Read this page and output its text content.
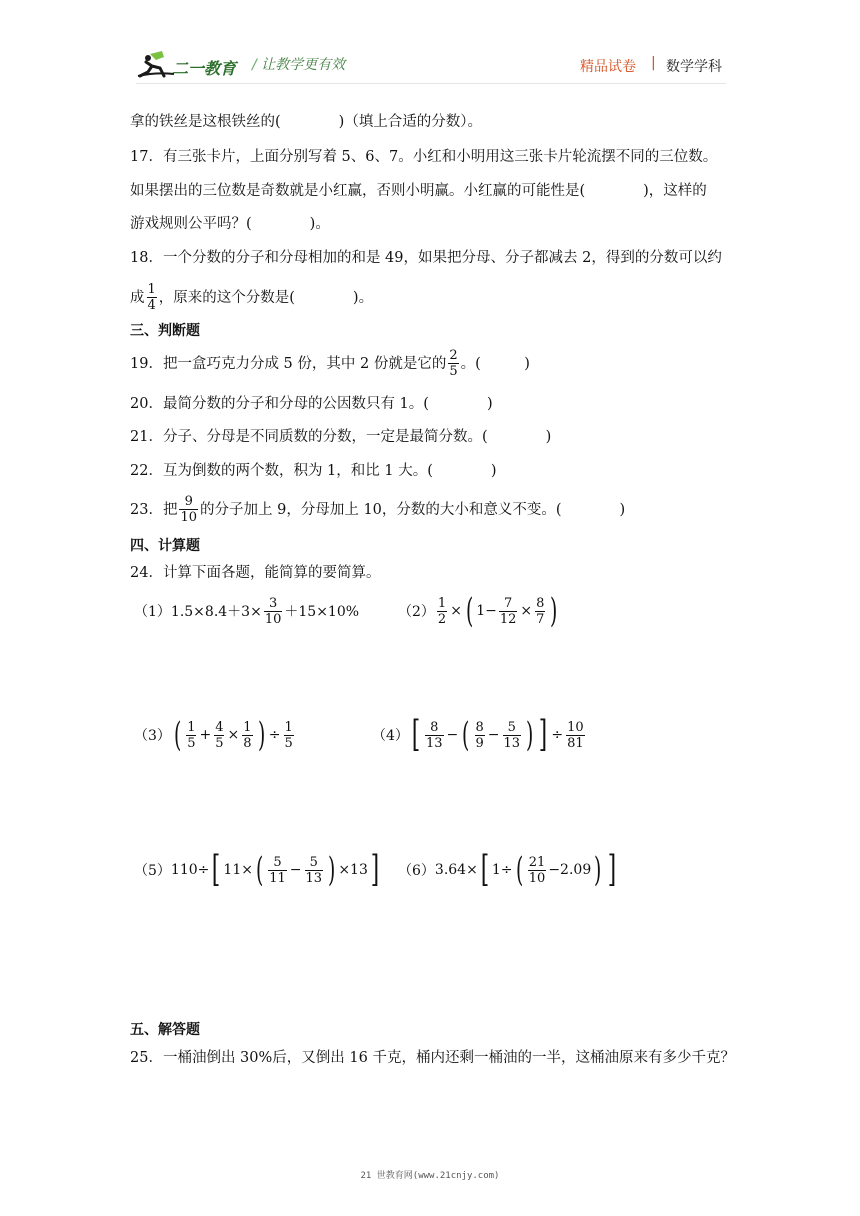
二一教育 / 让教学更有效	精品试卷 | 数学学科
拿的铁丝是这根铁丝的(　　　　)（填上合适的分数）。
17．有三张卡片，上面分别写着 5、6、7。小红和小明用这三张卡片轮流摆不同的三位数。
如果摆出的三位数是奇数就是小红赢，否则小明赢。小红赢的可能性是(　　　　)，这样的
游戏规则公平吗？(　　　　)。
18．一个分数的分子和分母相加的和是 49，如果把分母、分子都减去 2，得到的分数可以约
成 $\frac{1}{4}$ ，原来的这个分数是(　　　　)。
三、判断题
19．把一盒巧克力分成 5 份，其中 2 份就是它的 $\frac{2}{5}$ 。(　　　)
20．最简分数的分子和分母的公因数只有 1。(　　　　)
21．分子、分母是不同质数的分数，一定是最简分数。(　　　　)
22．互为倒数的两个数，积为 1，和比 1 大。(　　　　)
23．把 $\frac{9}{10}$ 的分子加上 9，分母加上 10，分数的大小和意义不变。(　　　　)
四、计算题
24．计算下面各题，能简算的要简算。
（1） $1.5\times 8.4+3\times \frac{3}{10} +15\times 10\%$	$(2) \frac{1}{2}$ × ( $1- \frac{7}{12} \times \frac{8}{7}$ )
（3） ( $\frac{1}{5} + \frac{4}{5} \times \frac{1}{8}$ ) ÷ $\frac{1}{5}$	（4） [ $\frac{8}{13}$ − ( $\frac{8}{9} - \frac{5}{13}$ ) ] ÷ $\frac{10}{81}$
（5） 110÷ [ 11× ( $\frac{5}{11} - \frac{5}{13}$ ) ×13 ] （6） 3.64× [ 1÷ ( $\frac{21}{10} -2.09$ ) ]
五、解答题
25．一桶油倒出 30%后，又倒出 16 千克，桶内还剩一桶油的一半，这桶油原来有多少千克？
21 世教育网(www.21cnjy.com)
